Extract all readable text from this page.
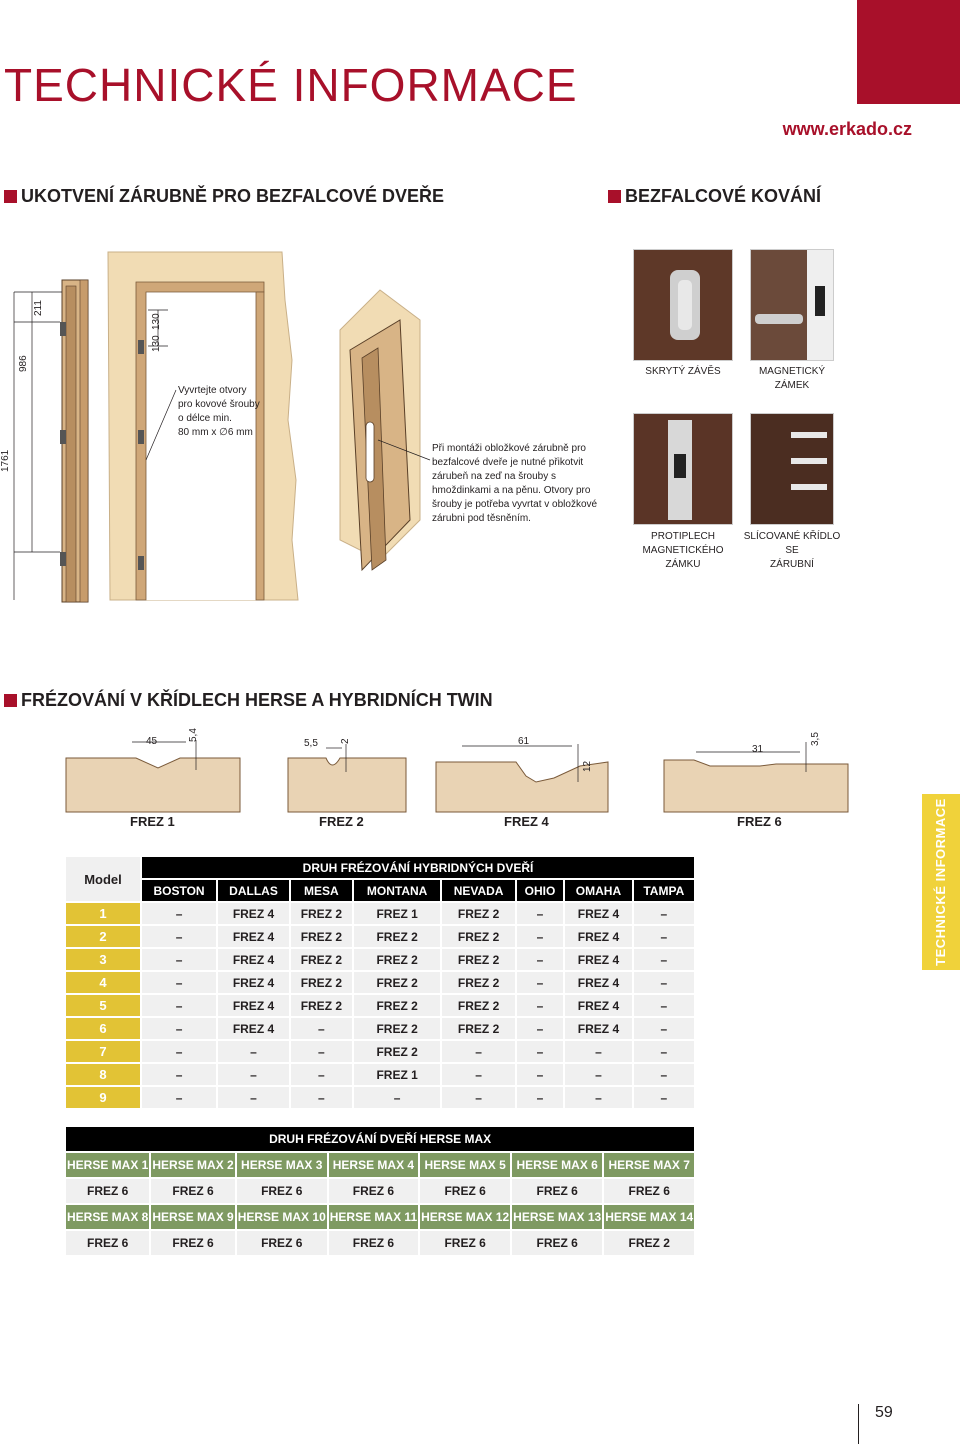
TECHNICKÉ INFORMACE
www.erkado.cz
UKOTVENÍ ZÁRUBNĚ PRO BEZFALCOVÉ DVEŘE	BEZFALCOVÉ KOVÁNÍ
1761
986
211
130
130
Vyvrtejte otvory
pro kovové šrouby
o délce min.
80 mm x ∅6 mm
Při montáži obložkové zárubně pro
bezfalcové dveře je nutné přikotvit
zárubeň na zeď na šrouby s
hmoždinkami a na pěnu. Otvory pro
šrouby je potřeba vyvrtat v obložkové
zárubni pod těsněním.
SKRYTÝ ZÁVĚS	MAGNETICKÝ ZÁMEK
PROTIPLECH
MAGNETICKÉHO ZÁMKU
SLÍCOVANÉ KŘÍDLO SE
ZÁRUBNÍ
FRÉZOVÁNÍ V KŘÍDLECH HERSE A HYBRIDNÍCH TWIN
45	5,4
5,5 2	61
12
31
3,5
FREZ 1	FREZ 2	FREZ 4	FREZ 6	TECHNICKÉ INFORMACE
Model	DRUH FRÉZOVÁNÍ HYBRIDNÝCH DVEŘÍ							
	BOSTON	DALLAS	MESA	MONTANA	NEVADA	OHIO	OMAHA	TAMPA
1	–	FREZ 4	FREZ 2	FREZ 1	FREZ 2	–	FREZ 4	–
2	–	FREZ 4	FREZ 2	FREZ 2	FREZ 2	–	FREZ 4	–
3	–	FREZ 4	FREZ 2	FREZ 2	FREZ 2	–	FREZ 4	–
4	–	FREZ 4	FREZ 2	FREZ 2	FREZ 2	–	FREZ 4	–
5	–	FREZ 4	FREZ 2	FREZ 2	FREZ 2	–	FREZ 4	–
6	–	FREZ 4	–	FREZ 2	FREZ 2	–	FREZ 4	–
7	–	–	–	FREZ 2	–	–	–	–
8	–	–	–	FREZ 1	–	–	–	–
9	–	–	–	–	–	–	–	–
DRUH FRÉZOVÁNÍ DVEŘÍ HERSE MAX						
HERSE MAX 1	HERSE MAX 2	HERSE MAX 3	HERSE MAX 4	HERSE MAX 5	HERSE MAX 6	HERSE MAX 7
FREZ 6	FREZ 6	FREZ 6	FREZ 6	FREZ 6	FREZ 6	FREZ 6
HERSE MAX 8	HERSE MAX 9	HERSE MAX 10	HERSE MAX 11	HERSE MAX 12	HERSE MAX 13	HERSE MAX 14
FREZ 6	FREZ 6	FREZ 6	FREZ 6	FREZ 6	FREZ 6	FREZ 2
59
